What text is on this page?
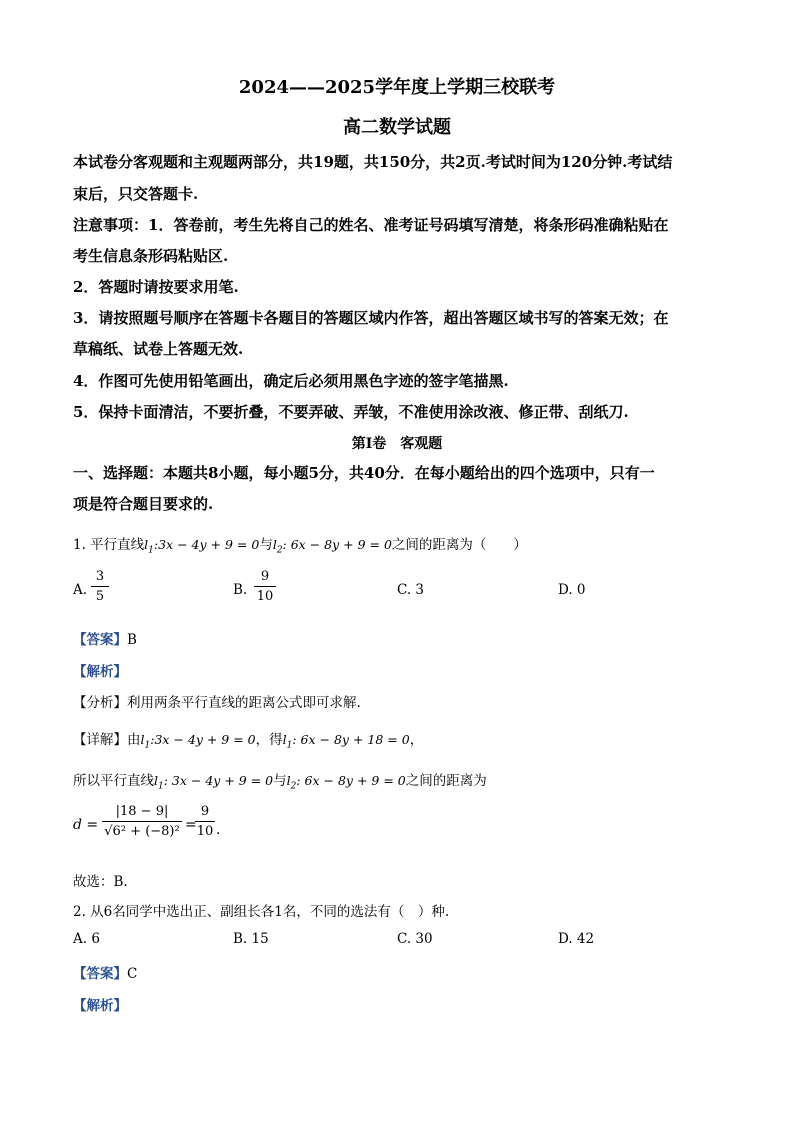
2024——2025学年度上学期三校联考
高二数学试题
本试卷分客观题和主观题两部分，共19题，共150分，共2页.考试时间为120分钟.考试结
束后，只交答题卡.
注意事项：1．答卷前，考生先将自己的姓名、准考证号码填写清楚，将条形码准确粘贴在
考生信息条形码粘贴区.
2．答题时请按要求用笔.
3．请按照题号顺序在答题卡各题目的答题区域内作答，超出答题区域书写的答案无效；在
草稿纸、试卷上答题无效.
4．作图可先使用铅笔画出，确定后必须用黑色字迹的签字笔描黑.
5．保持卡面清洁，不要折叠，不要弄破、弄皱，不准使用涂改液、修正带、刮纸刀.
第Ⅰ卷　客观题
一、选择题：本题共8小题，每小题5分，共40分．在每小题给出的四个选项中，只有一
项是符合题目要求的.
1. 平行直线$l_1:3x - 4y + 9 = 0$与$l_2$: 6x − 8y + 9 = 0之间的距离为（　　）
A.
3
5	B.
9
10	C. 3	D. 0
【答案】B
【解析】
【分析】利用两条平行直线的距离公式即可求解.
【详解】由$l_1:3x - 4y + 9 = 0$，得$l_1$: 6x − 8y + 18 = 0，
所以平行直线$l_1$: 3x − 4y + 9 = 0与$l_2$: 6x − 8y + 9 = 0之间的距离为
d =
|18 − 9|
√6² + (−8)² =
9
10 .
故选：B.
2. 从6名同学中选出正、副组长各1名，不同的选法有（　）种.
A. 6	B. 15	C. 30	D. 42
【答案】C
【解析】
